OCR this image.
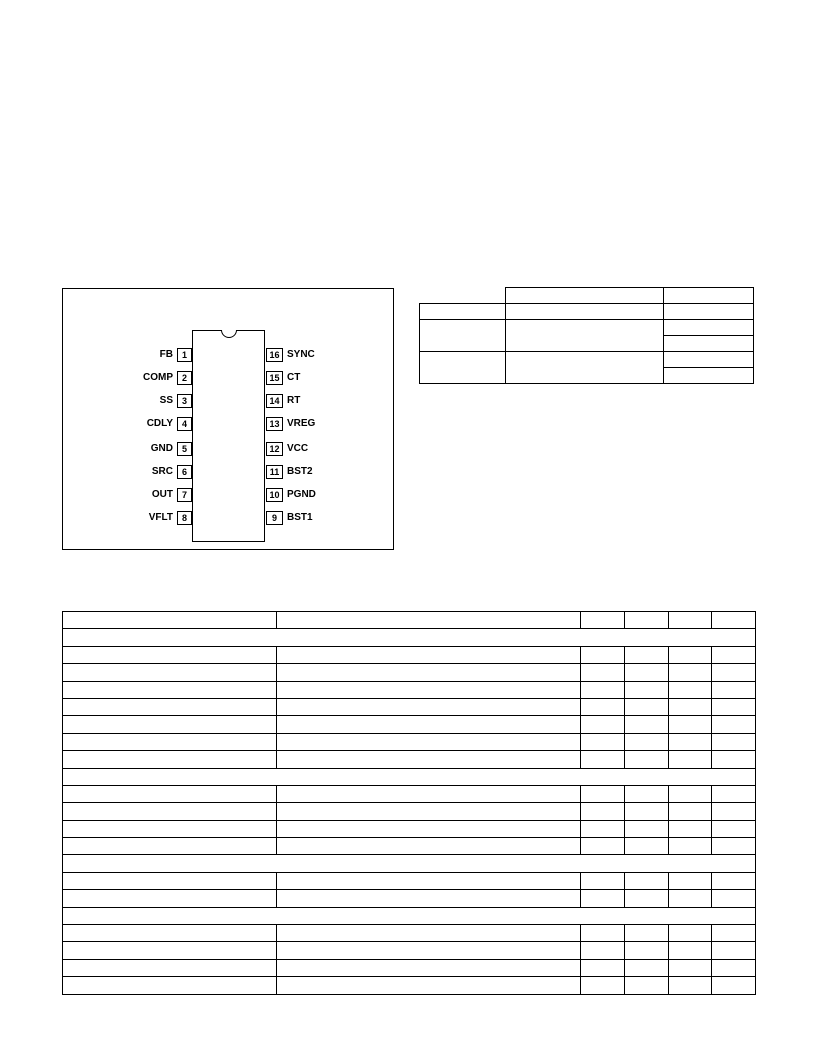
FB 1
COMP 2
SS 3
CDLY 4
GND 5
SRC 6
OUT 7
VFLT 8
16 SYNC
15 CT
14 RT
13 VREG
12 VCC
11 BST2
10 PGND
9	BST1
